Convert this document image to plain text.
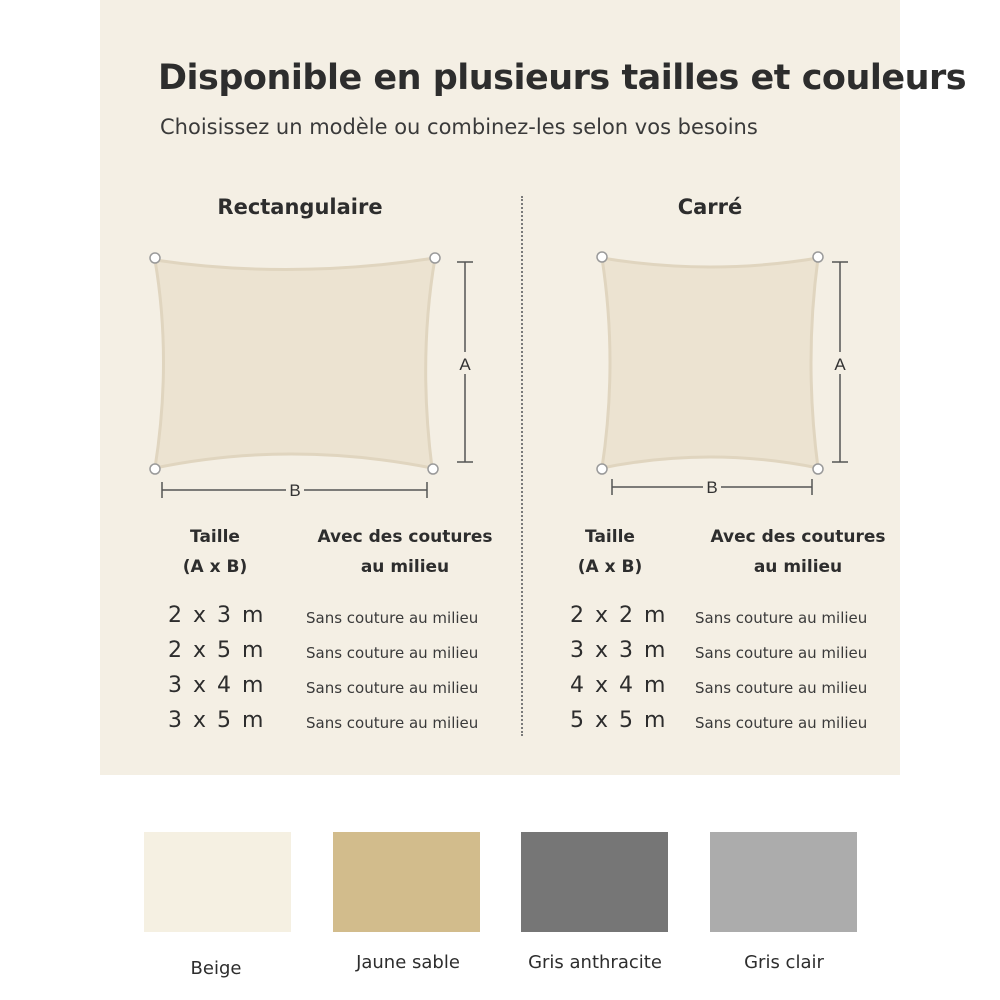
Disponible en plusieurs tailles et couleurs
Choisissez un modèle ou combinez-les selon vos besoins
Rectangulaire
A
B
Taille
(A x B)
Avec des coutures
au milieu
2 x 3 m	Sans couture au milieu
2 x 5 m	Sans couture au milieu
3 x 4 m	Sans couture au milieu
3 x 5 m	Sans couture au milieu
Carré
A
B
Taille
(A x B)
Avec des coutures
au milieu
2 x 2 m Sans couture au milieu
3 x 3 m Sans couture au milieu
4 x 4 m Sans couture au milieu
5 x 5 m Sans couture au milieu
Beige	Jaune sable	Gris anthracite	Gris clair
